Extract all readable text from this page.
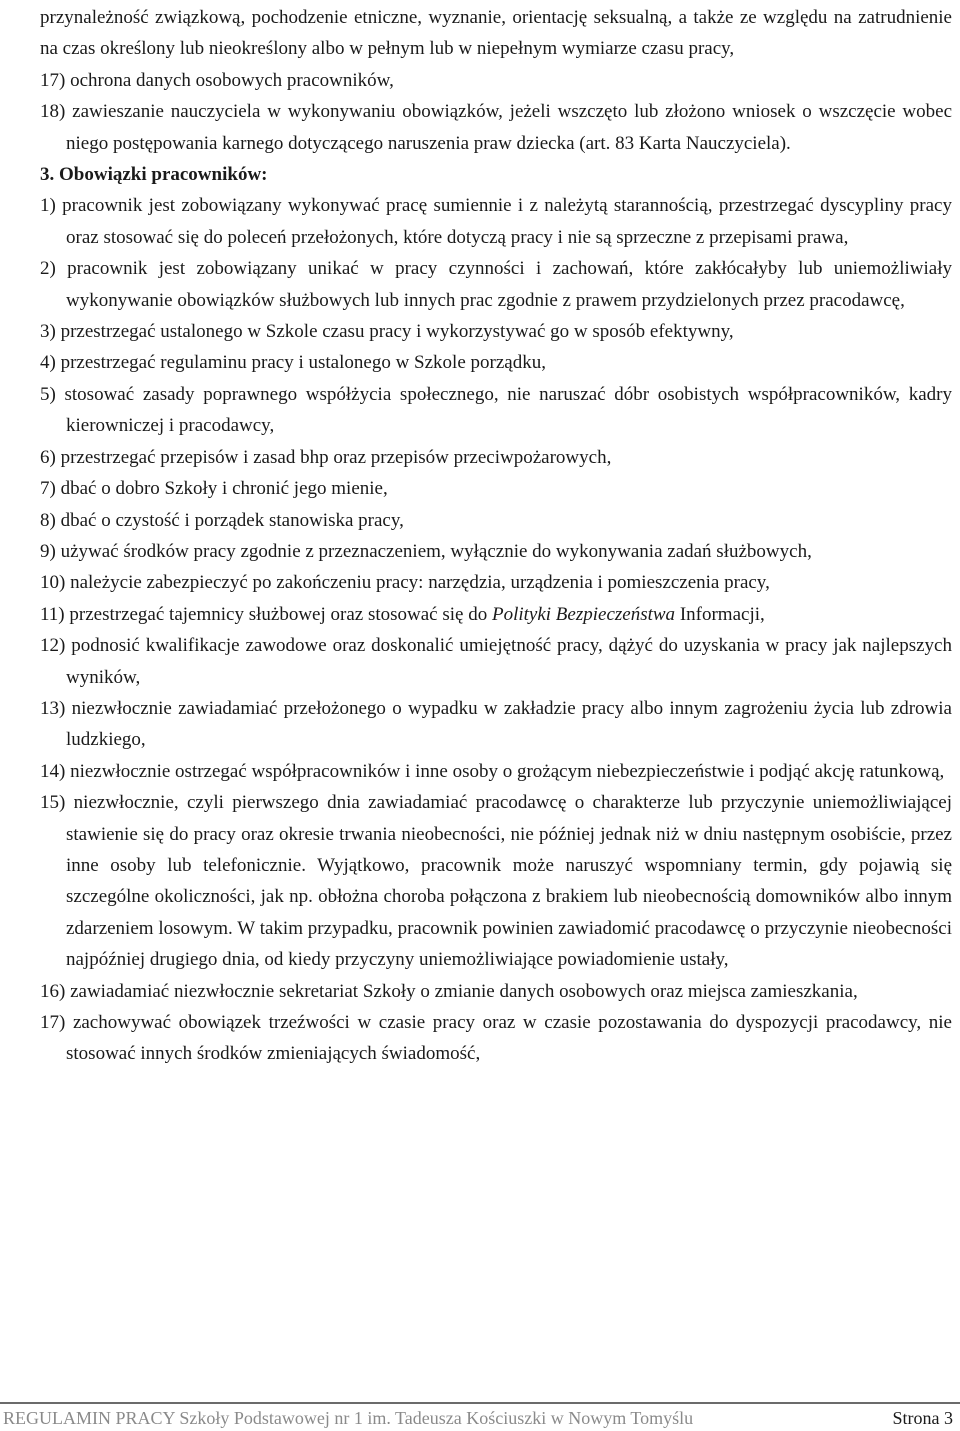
przynależność związkową, pochodzenie etniczne, wyznanie, orientację seksualną, a także ze względu na zatrudnienie na czas określony lub nieokreślony albo w pełnym lub w niepełnym wymiarze czasu pracy,

17) ochrona danych osobowych pracowników,

18) zawieszanie nauczyciela w wykonywaniu obowiązków, jeżeli wszczęto lub złożono wniosek o wszczęcie wobec niego postępowania karnego dotyczącego naruszenia praw dziecka (art. 83 Karta Nauczyciela).

3. Obowiązki pracowników:

1) pracownik jest zobowiązany wykonywać pracę sumiennie i z należytą starannością, przestrzegać dyscypliny pracy oraz stosować się do poleceń przełożonych, które dotyczą pracy i nie są sprzeczne z przepisami prawa,

2) pracownik jest zobowiązany unikać w pracy czynności i zachowań, które zakłócałyby lub uniemożliwiały wykonywanie obowiązków służbowych lub innych prac zgodnie z prawem przydzielonych przez pracodawcę,

3) przestrzegać ustalonego w Szkole czasu pracy i wykorzystywać go w sposób efektywny,

4) przestrzegać regulaminu pracy i ustalonego w Szkole porządku,

5) stosować zasady poprawnego współżycia społecznego, nie naruszać dóbr osobistych współpracowników, kadry kierowniczej i pracodawcy,

6) przestrzegać przepisów i zasad bhp oraz przepisów przeciwpożarowych,

7) dbać o dobro Szkoły i chronić jego mienie,

8) dbać o czystość i porządek stanowiska pracy,

9) używać środków pracy zgodnie z przeznaczeniem, wyłącznie do wykonywania zadań służbowych,

10) należycie zabezpieczyć po zakończeniu pracy: narzędzia, urządzenia i pomieszczenia pracy,

11) przestrzegać tajemnicy służbowej oraz stosować się do Polityki Bezpieczeństwa Informacji,

12) podnosić kwalifikacje zawodowe oraz doskonalić umiejętność pracy, dążyć do uzyskania w pracy jak najlepszych wyników,

13) niezwłocznie zawiadamiać przełożonego o wypadku w zakładzie pracy albo innym zagrożeniu życia lub zdrowia ludzkiego,

14) niezwłocznie ostrzegać współpracowników i inne osoby o grożącym niebezpieczeństwie i podjąć akcję ratunkową,

15) niezwłocznie, czyli pierwszego dnia zawiadamiać pracodawcę o charakterze lub przyczynie uniemożliwiającej stawienie się do pracy oraz okresie trwania nieobecności, nie później jednak niż w dniu następnym osobiście, przez inne osoby lub telefonicznie. Wyjątkowo, pracownik może naruszyć wspomniany termin, gdy pojawią się szczególne okoliczności, jak np. obłożna choroba połączona z brakiem lub nieobecnością domowników albo innym zdarzeniem losowym. W takim przypadku, pracownik powinien zawiadomić pracodawcę o przyczynie nieobecności najpóźniej drugiego dnia, od kiedy przyczyny uniemożliwiające powiadomienie ustały,

16) zawiadamiać niezwłocznie sekretariat Szkoły o zmianie danych osobowych oraz miejsca zamieszkania,

17) zachowywać obowiązek trzeźwości w czasie pracy oraz w czasie pozostawania do dyspozycji pracodawcy, nie stosować innych środków zmieniających świadomość,

REGULAMIN PRACY Szkoły Podstawowej nr 1 im. Tadeusza Kościuszki w Nowym Tomyślu	Strona 3
